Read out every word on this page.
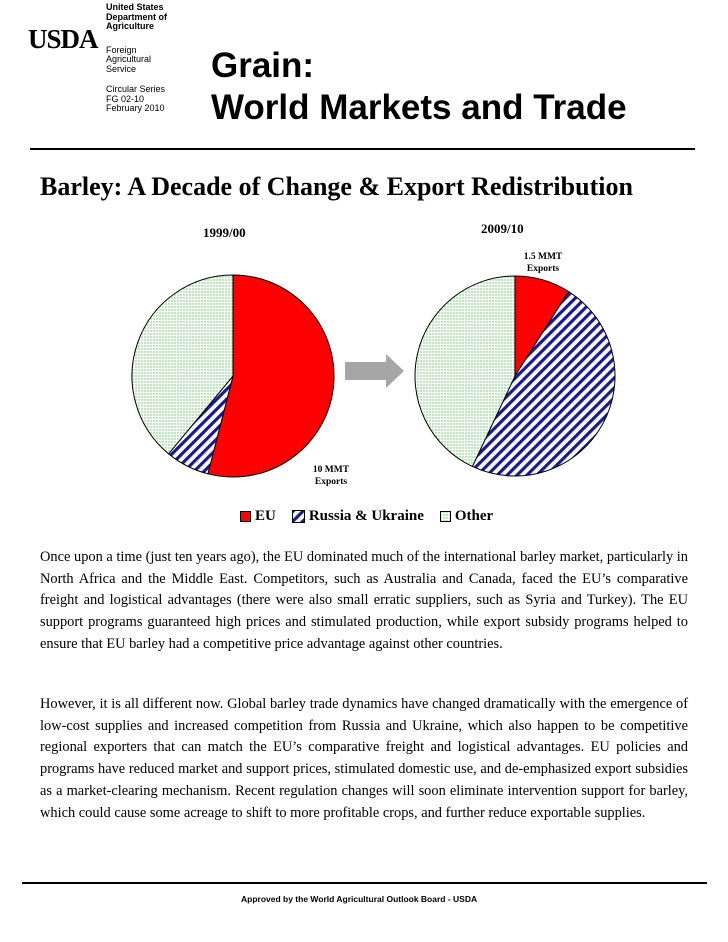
USDA
United States
Department of
Agriculture
Foreign
Agricultural
Service
Circular Series
FG 02-10
February 2010
Grain:
World Markets and Trade
Barley: A Decade of Change & Export Redistribution
1999/00	2009/10
1.5 MMT
Exports
10 MMT
Exports
EU Russia & Ukraine Other
Once upon a time (just ten years ago), the EU dominated much of the international barley market, particularly in North Africa and the Middle East. Competitors, such as Australia and Canada, faced the EU’s comparative freight and logistical advantages (there were also small erratic suppliers, such as Syria and Turkey). The EU support programs guaranteed high prices and stimulated production, while export subsidy programs helped to ensure that EU barley had a competitive price advantage against other countries.
However, it is all different now. Global barley trade dynamics have changed dramatically with the emergence of low-cost supplies and increased competition from Russia and Ukraine, which also happen to be competitive regional exporters that can match the EU’s comparative freight and logistical advantages. EU policies and programs have reduced market and support prices, stimulated domestic use, and de-emphasized export subsidies as a market-clearing mechanism. Recent regulation changes will soon eliminate intervention support for barley, which could cause some acreage to shift to more profitable crops, and further reduce exportable supplies.
Approved by the World Agricultural Outlook Board - USDA
